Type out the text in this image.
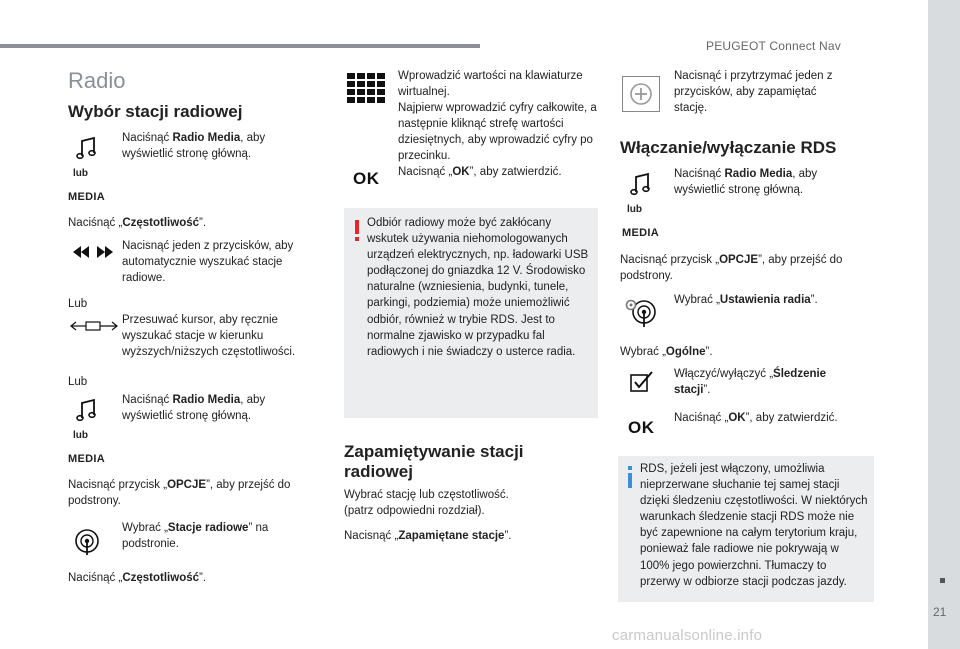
PEUGEOT Connect Nav
21
carmanualsonline.info
Radio
Wybór stacji radiowej
lub
MEDIA
Naciśnąć Radio Media, aby wyświetlić stronę główną.
Naciśnąć „Częstotliwość”.
Nacisnąć jeden z przycisków, aby automatycznie wyszukać stacje radiowe.
Lub
Przesuwać kursor, aby ręcznie wyszukać stacje w kierunku wyższych/niższych częstotliwości.
Lub
lub
MEDIA
Naciśnąć Radio Media, aby wyświetlić stronę główną.
Nacisnąć przycisk „OPCJE”, aby przejść do podstrony.
Wybrać „Stacje radiowe” na podstronie.
Naciśnąć „Częstotliwość”.
Wprowadzić wartości na klawiaturze wirtualnej.
Najpierw wprowadzić cyfry całkowite, a następnie kliknąć strefę wartości dziesiętnych, aby wprowadzić cyfry po przecinku.
OK Nacisnąć „OK”, aby zatwierdzić.
Odbiór radiowy może być zakłócany wskutek używania niehomologowanych urządzeń elektrycznych, np. ładowarki USB podłączonej do gniazdka 12 V. Środowisko naturalne (wzniesienia, budynki, tunele, parkingi, podziemia) może uniemożliwić odbiór, również w trybie RDS. Jest to normalne zjawisko w przypadku fal radiowych i nie świadczy o usterce radia.
Zapamiętywanie stacji radiowej
Wybrać stację lub częstotliwość.
(patrz odpowiedni rozdział).
Nacisnąć „Zapamiętane stacje”.
Nacisnąć i przytrzymać jeden z przycisków, aby zapamiętać stację.
Włączanie/wyłączanie RDS
lub
MEDIA
Naciśnąć Radio Media, aby wyświetlić stronę główną.
Nacisnąć przycisk „OPCJE”, aby przejść do podstrony.
Wybrać „Ustawienia radia”.
Wybrać „Ogólne”.
Włączyć/wyłączyć „Śledzenie stacji”.
OK Naciśnąć „OK”, aby zatwierdzić.
RDS, jeżeli jest włączony, umożliwia nieprzerwane słuchanie tej samej stacji dzięki śledzeniu częstotliwości. W niektórych warunkach śledzenie stacji RDS może nie być zapewnione na całym terytorium kraju, ponieważ fale radiowe nie pokrywają w 100% jego powierzchni. Tłumaczy to przerwy w odbiorze stacji podczas jazdy.
